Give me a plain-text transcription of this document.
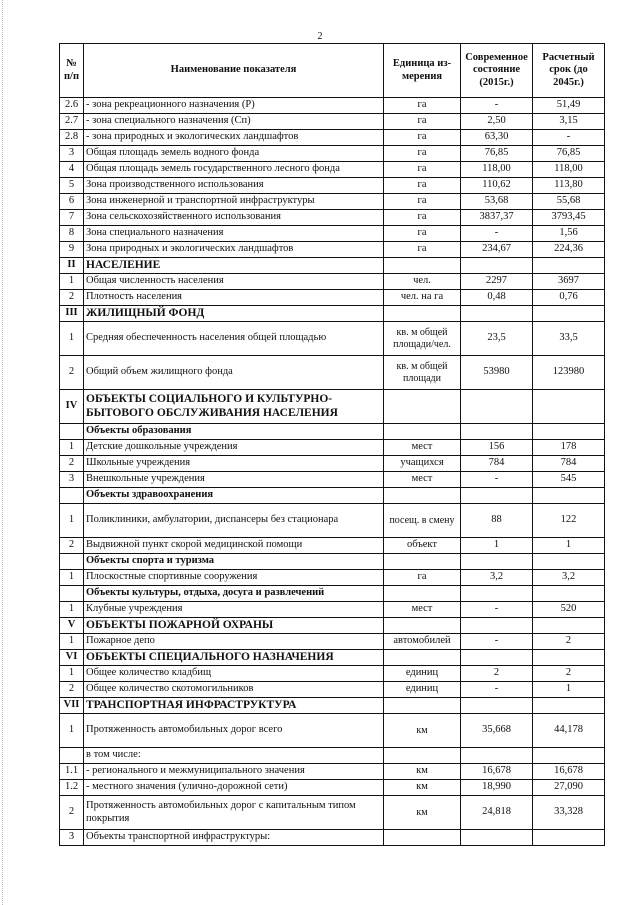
2
№ п/п	Наименование показателя	Единица из-мерения	Современное состояние (2015г.)	Расчетный срок (до 2045г.)
2.6	- зона рекреационного назначения (Р)	га	-	51,49
2.7	- зона специального назначения (Сп)	га	2,50	3,15
2.8	- зона природных и экологических ландшафтов	га	63,30	-
3	Общая площадь земель водного фонда	га	76,85	76,85
4	Общая площадь земель государственного лесного фонда	га	118,00	118,00
5	Зона производственного использования	га	110,62	113,80
6	Зона инженерной и транспортной инфраструктуры	га	53,68	55,68
7	Зона сельскохозяйственного использования	га	3837,37	3793,45
8	Зона специального назначения	га	-	1,56
9	Зона природных и экологических ландшафтов	га	234,67	224,36
II	НАСЕЛЕНИЕ			
1	Общая численность населения	чел.	2297	3697
2	Плотность населения	чел. на га	0,48	0,76
III	ЖИЛИЩНЫЙ ФОНД			
1	Средняя обеспеченность населения общей площадью	кв. м общей площади/чел.	23,5	33,5
2	Общий объем жилищного фонда	кв. м общей площади	53980	123980
IV	ОБЪЕКТЫ СОЦИАЛЬНОГО И КУЛЬТУРНО-БЫТОВОГО ОБСЛУЖИВАНИЯ НАСЕЛЕНИЯ			
	Объекты образования			
1	Детские дошкольные учреждения	мест	156	178
2	Школьные учреждения	учащихся	784	784
3	Внешкольные учреждения	мест	-	545
	Объекты здравоохранения			
1	Поликлиники, амбулатории, диспансеры без стационара	посещ. в смену	88	122
2	Выдвижной пункт скорой медицинской помощи	объект	1	1
	Объекты спорта и туризма			
1	Плоскостные спортивные сооружения	га	3,2	3,2
	Объекты культуры, отдыха, досуга и развлечений			
1	Клубные учреждения	мест	-	520
V	ОБЪЕКТЫ ПОЖАРНОЙ ОХРАНЫ			
1	Пожарное депо	автомобилей	-	2
VI	ОБЪЕКТЫ СПЕЦИАЛЬНОГО НАЗНАЧЕНИЯ			
1	Общее количество кладбищ	единиц	2	2
2	Общее количество скотомогильников	единиц	-	1
VII	ТРАНСПОРТНАЯ ИНФРАСТРУКТУРА			
1	Протяженность автомобильных дорог всего	км	35,668	44,178
	в том числе:			
1.1	- регионального и межмуниципального значения	км	16,678	16,678
1.2	- местного значения (улично-дорожной сети)	км	18,990	27,090
2	Протяженность автомобильных дорог с капитальным типом покрытия	км	24,818	33,328
3	Объекты транспортной инфраструктуры:			
